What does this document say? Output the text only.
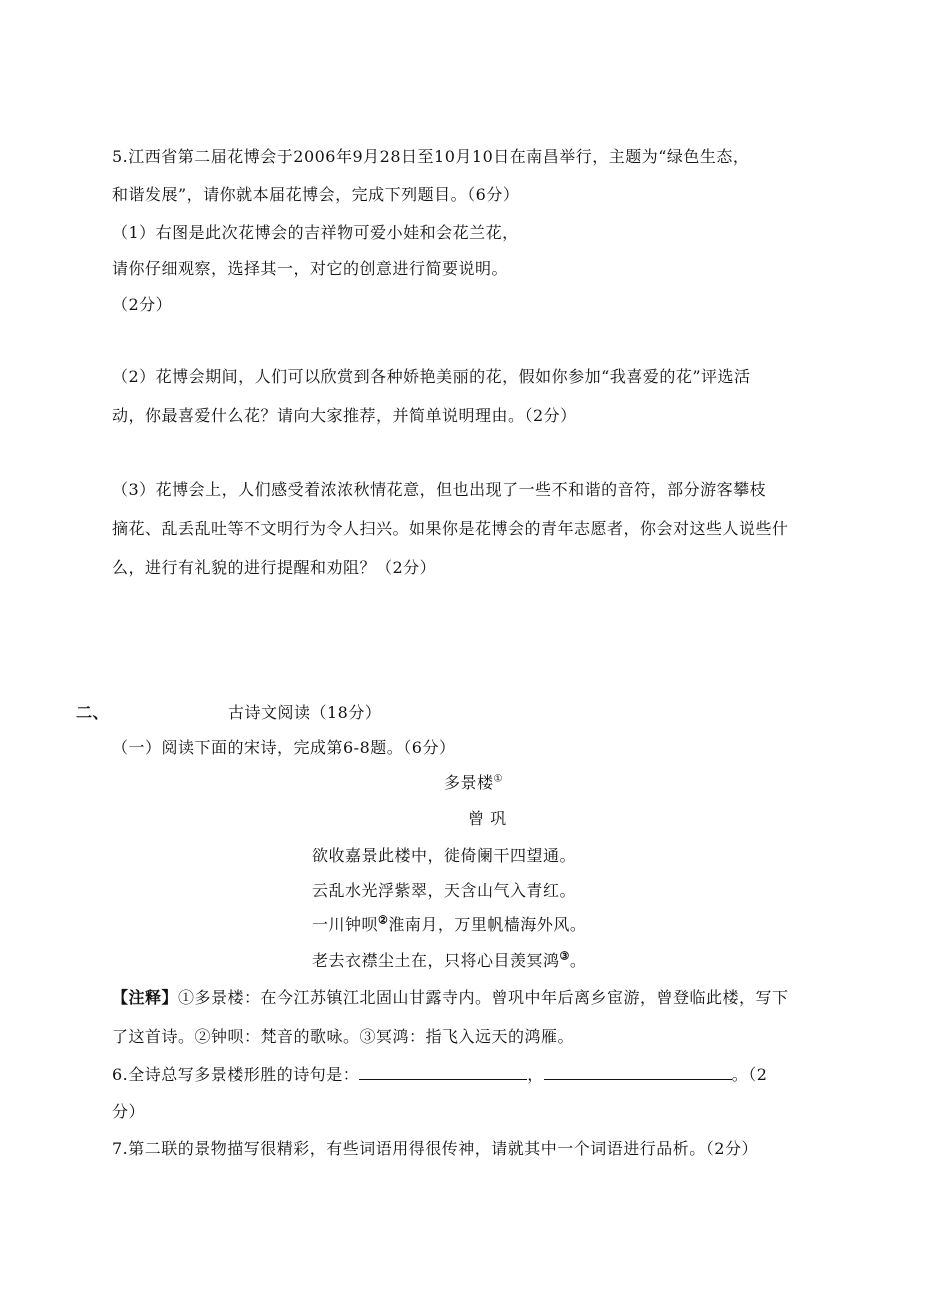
5.江西省第二届花博会于2006年9月28日至10月10日在南昌举行，主题为“绿色生态，
和谐发展”，请你就本届花博会，完成下列题目。（6分）
（1）右图是此次花博会的吉祥物可爱小娃和会花兰花，
请你仔细观察，选择其一，对它的创意进行简要说明。
（2分）
（2）花博会期间，人们可以欣赏到各种娇艳美丽的花，假如你参加“我喜爱的花”评选活
动，你最喜爱什么花？请向大家推荐，并简单说明理由。（2分）
（3）花博会上，人们感受着浓浓秋情花意，但也出现了一些不和谐的音符，部分游客攀枝
摘花、乱丢乱吐等不文明行为令人扫兴。如果你是花博会的青年志愿者，你会对这些人说些什
么，进行有礼貌的进行提醒和劝阻？（2分）
二、	古诗文阅读（18分）
（一）阅读下面的宋诗，完成第6-8题。（6分）
多景楼①
曾 巩
欲收嘉景此楼中，徙倚阑干四望通。
云乱水光浮紫翠，天含山气入青红。
一川钟呗②淮南月，万里帆樯海外风。
老去衣襟尘土在，只将心目羡冥鸿③。
【注释】①多景楼：在今江苏镇江北固山甘露寺内。曾巩中年后离乡宦游，曾登临此楼，写下
了这首诗。②钟呗：梵音的歌咏。③冥鸿：指飞入远天的鸿雁。
6.全诗总写多景楼形胜的诗句是：	，	。（2
分）
7.第二联的景物描写很精彩，有些词语用得很传神，请就其中一个词语进行品析。（2分）
